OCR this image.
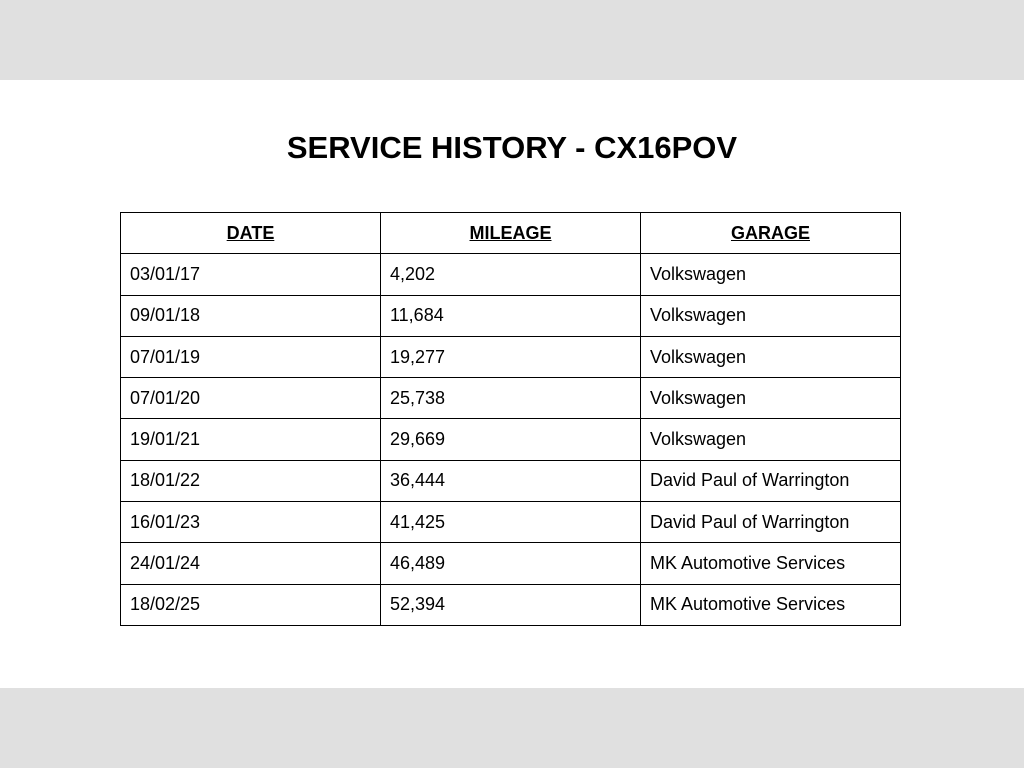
SERVICE HISTORY - CX16POV
DATE	MILEAGE	GARAGE
03/01/17	4,202	Volkswagen
09/01/18	11,684	Volkswagen
07/01/19	19,277	Volkswagen
07/01/20	25,738	Volkswagen
19/01/21	29,669	Volkswagen
18/01/22	36,444	David Paul of Warrington
16/01/23	41,425	David Paul of Warrington
24/01/24	46,489	MK Automotive Services
18/02/25	52,394	MK Automotive Services
